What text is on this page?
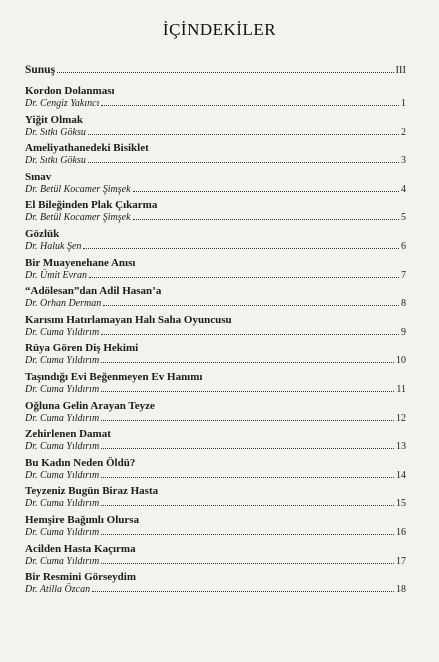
İÇİNDEKİLER
Sunuş	III
Kordon Dolanması
Dr. Cengiz Yakıncı	1
Yiğit Olmak
Dr. Sıtkı Göksu	2
Ameliyathanedeki Bisiklet
Dr. Sıtkı Göksu	3
Sınav
Dr. Betül Kocamer Şimşek	4
El Bileğinden Plak Çıkarma
Dr. Betül Kocamer Şimşek	5
Gözlük
Dr. Haluk Şen	6
Bir Muayenehane Anısı
Dr. Ümit Evran	7
“Adölesan”dan Adil Hasan’a
Dr. Orhan Derman	8
Karısını Hatırlamayan Halı Saha Oyuncusu
Dr. Cuma Yıldırım	9
Rüya Gören Diş Hekimi
Dr. Cuma Yıldırım	10
Taşındığı Evi Beğenmeyen Ev Hanımı
Dr. Cuma Yıldırım	11
Oğluna Gelin Arayan Teyze
Dr. Cuma Yıldırım	12
Zehirlenen Damat
Dr. Cuma Yıldırım	13
Bu Kadın Neden Öldü?
Dr. Cuma Yıldırım	14
Teyzeniz Bugün Biraz Hasta
Dr. Cuma Yıldırım	15
Hemşire Bağımlı Olursa
Dr. Cuma Yıldırım	16
Acilden Hasta Kaçırma
Dr. Cuma Yıldırım	17
Bir Resmini Görseydim
Dr. Atilla Özcan	18
